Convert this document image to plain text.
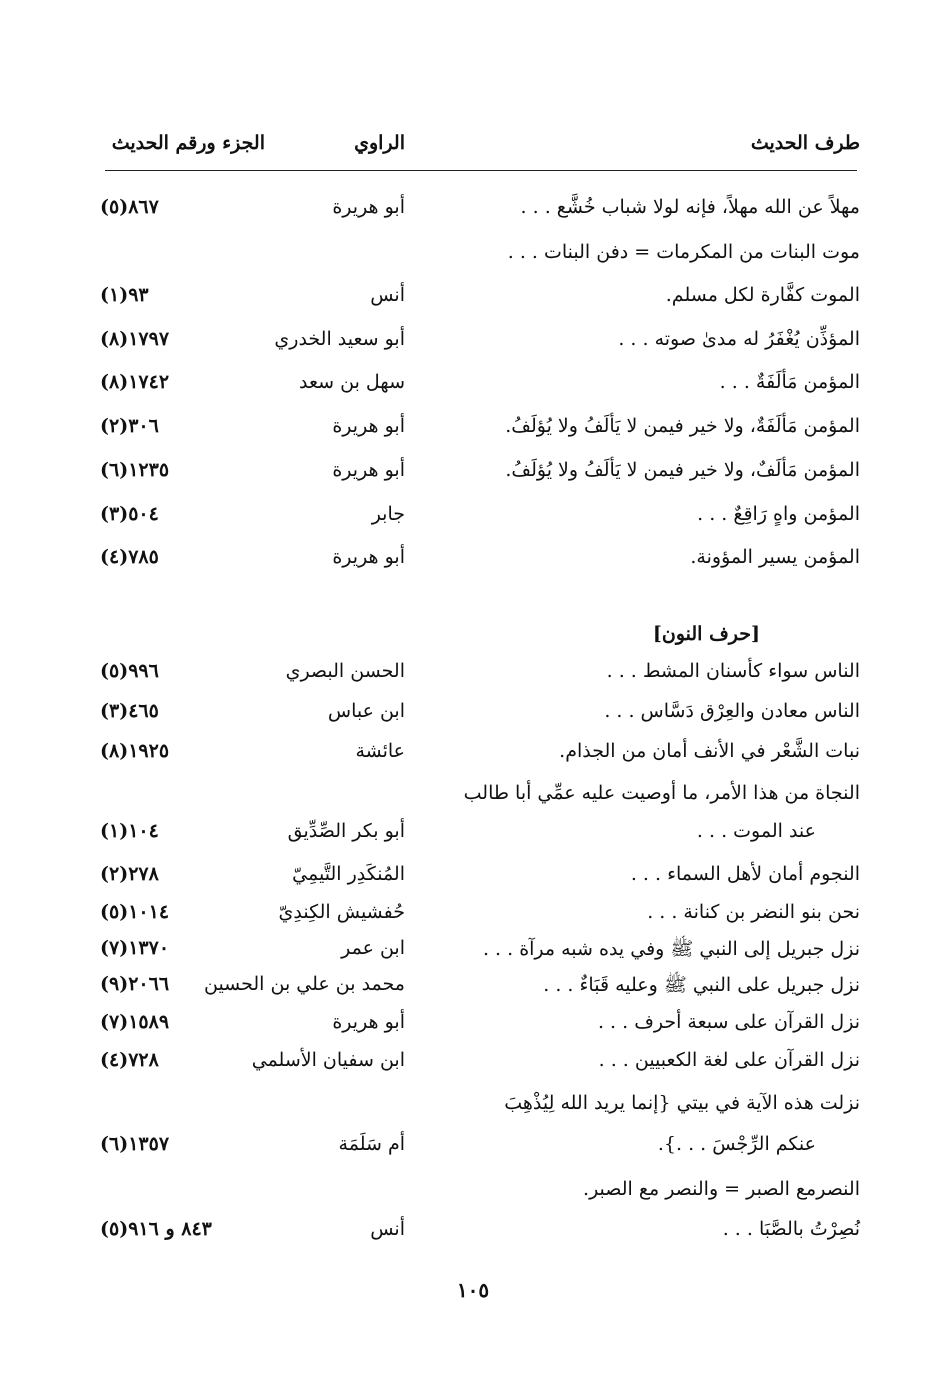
طرف الحديث
الراوي
الجزء ورقم الحديث
مهلاً عن الله مهلاً، فإنه لولا شباب خُشَّع . . .
أبو هريرة
(٥)٨٦٧
موت البنات من المكرمات = دفن البنات . . .
الموت كفَّارة لكل مسلم.
أنس
(١)٩٣
المؤذِّن يُغْفَرُ له مدىٰ صوته . . .
أبو سعيد الخدري
(٨)١٧٩٧
المؤمن مَألَفَةٌ . . .
سهل بن سعد
(٨)١٧٤٢
المؤمن مَألَفَةٌ، ولا خير فيمن لا يَألَفُ ولا يُؤلَفُ.
أبو هريرة
(٢)٣٠٦
المؤمن مَألَفٌ، ولا خير فيمن لا يَألَفُ ولا يُؤلَفُ.
أبو هريرة
(٦)١٢٣٥
المؤمن واهٍ رَاقِعٌ . . .
جابر
(٣)٥٠٤
المؤمن يسير المؤونة.
أبو هريرة
(٤)٧٨٥
[حرف النون]
الناس سواء كأسنان المشط . . .
الحسن البصري
(٥)٩٩٦
الناس معادن والعِرْق دَسَّاس . . .
ابن عباس
(٣)٤٦٥
نبات الشَّعْر في الأنف أمان من الجذام.
عائشة
(٨)١٩٢٥
النجاة من هذا الأمر، ما أوصيت عليه عمِّي أبا طالب
عند الموت . . .
أبو بكر الصِّدِّيق
(١)١٠٤
النجوم أمان لأهل السماء . . .
المُنكَدِر التَّيمِيّ
(٢)٢٧٨
نحن بنو النضر بن كنانة . . .
حُفشيش الكِندِيّ
(٥)١٠١٤
نزل جبريل إلى النبي ﷺ وفي يده شبه مرآة . . .
ابن عمر
(٧)١٣٧٠
نزل جبريل على النبي ﷺ وعليه قَبَاءٌ . . .
محمد بن علي بن الحسين
(٩)٢٠٦٦
نزل القرآن على سبعة أحرف . . .
أبو هريرة
(٧)١٥٨٩
نزل القرآن على لغة الكعبيين . . .
ابن سفيان الأسلمي
(٤)٧٢٨
نزلت هذه الآية في بيتي {إنما يريد الله لِيُذْهِبَ
عنكم الرِّجْسَ . . .}.
أم سَلَمَة
(٦)١٣٥٧
النصرمع الصبر = والنصر مع الصبر.
نُصِرْتُ بالصَّبَا . . .
أنس
(٥)٨٤٣ و ٩١٦
١٠٥
